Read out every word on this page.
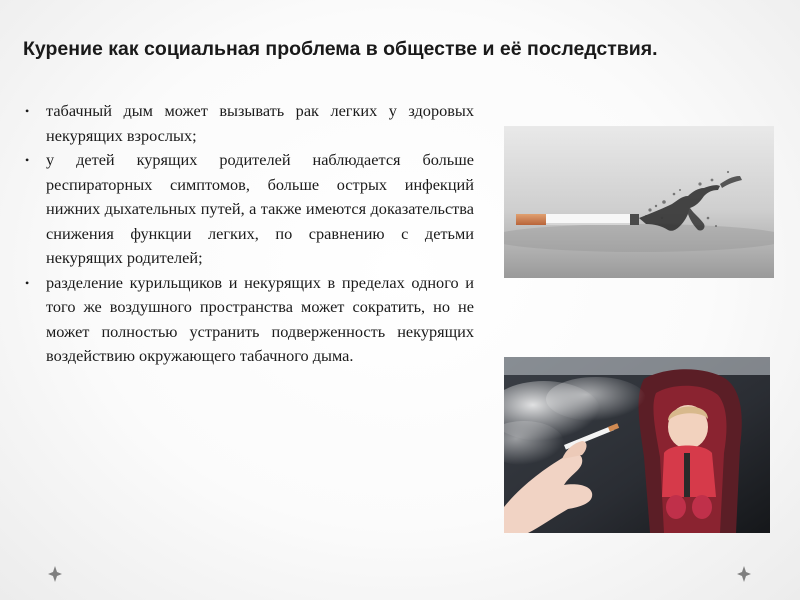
Курение как социальная проблема в обществе и её последствия.
• табачный дым может вызывать рак легких у здоровых некурящих взрослых;
• у детей курящих родителей наблюдается больше респираторных симптомов, больше острых инфекций нижних дыхательных путей, а также имеются доказательства снижения функции легких, по сравнению с детьми некурящих родителей;
• разделение курильщиков и некурящих в пределах одного и того же воздушного пространства может сократить, но не может полностью устранить подверженность некурящих воздействию окружающего табачного дыма.
